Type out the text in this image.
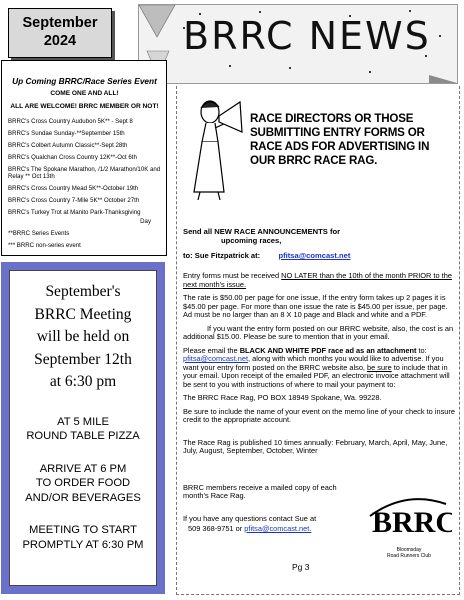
September
2024	BRRC NEWS
Up Coming BRRC/Race Series Event
COME ONE AND ALL!
ALL ARE WELCOME! BRRC MEMBER OR NOT!
BRRC's Cross Country Audubon 5K** - Sept 8
BRRC's Sundae Sunday-**September 15th
BRRC's Colbert Autumn Classic**-Sept 28th
BRRC's Qualchan Cross Country 12K**-Oct 6th
BRRC's The Spokane Marathon, /1/2 Marathon/10K and Relay ** Oct 13th
BRRC's Cross Country Mead 5K**-October 19th
BRRC's Cross Country 7-Mile 5K** October 27th
BRRC's Turkey Trot at Manito Park-Thanksgiving
Day
**BRRC Series Events
*** BRRC non-series event
September's
BRRC Meeting
will be held on
September 12th
at 6:30 pm
AT 5 MILE
ROUND TABLE PIZZA
ARRIVE AT 6 PM
TO ORDER FOOD
AND/OR BEVERAGES
MEETING TO START
PROMPTLY AT 6:30 PM
RACE DIRECTORS OR THOSE SUBMITTING ENTRY FORMS OR RACE ADS FOR ADVERTISING IN OUR BRRC RACE RAG.
Send all NEW RACE ANNOUNCEMENTS for
upcoming races,
to: Sue Fitzpatrick at: pfitsa@comcast.net

Entry forms must be received NO LATER than the 10th of the month PRIOR to the next month's issue.

The rate is $50.00 per page for one issue, If the entry form takes up 2 pages it is $45.00 per page. For more than one issue the rate is $45.00 per issue, per page. Ad must be no larger than an 8 X 10 page and Black and white and a PDF.

If you want the entry form posted on our BRRC website, also, the cost is an additional $15.00. Please be sure to mention that in your email.

Please email the BLACK AND WHITE PDF race ad as an attachment to: pfitsa@comcast.net, along with which months you would like to advertise. If you want your entry form posted on the BRRC website also, be sure to include that in your email. Upon receipt of the emailed PDF, an electronic invoice attachment will be sent to you with instructions of where to mail your payment to:

The BRRC Race Rag, PO BOX 18949 Spokane, Wa. 99228.

Be sure to include the name of your event on the memo line of your check to insure credit to the appropriate account.

The Race Rag is published 10 times annually: February, March, April, May, June, July, August, September, October, Winter

BRRC members receive a mailed copy of each month's Race Rag.

If you have any questions contact Sue at

509 368-9751 or pfitsa@comcast.net.	BRRC
Bloomsday
Road Runners Club
Pg 3
